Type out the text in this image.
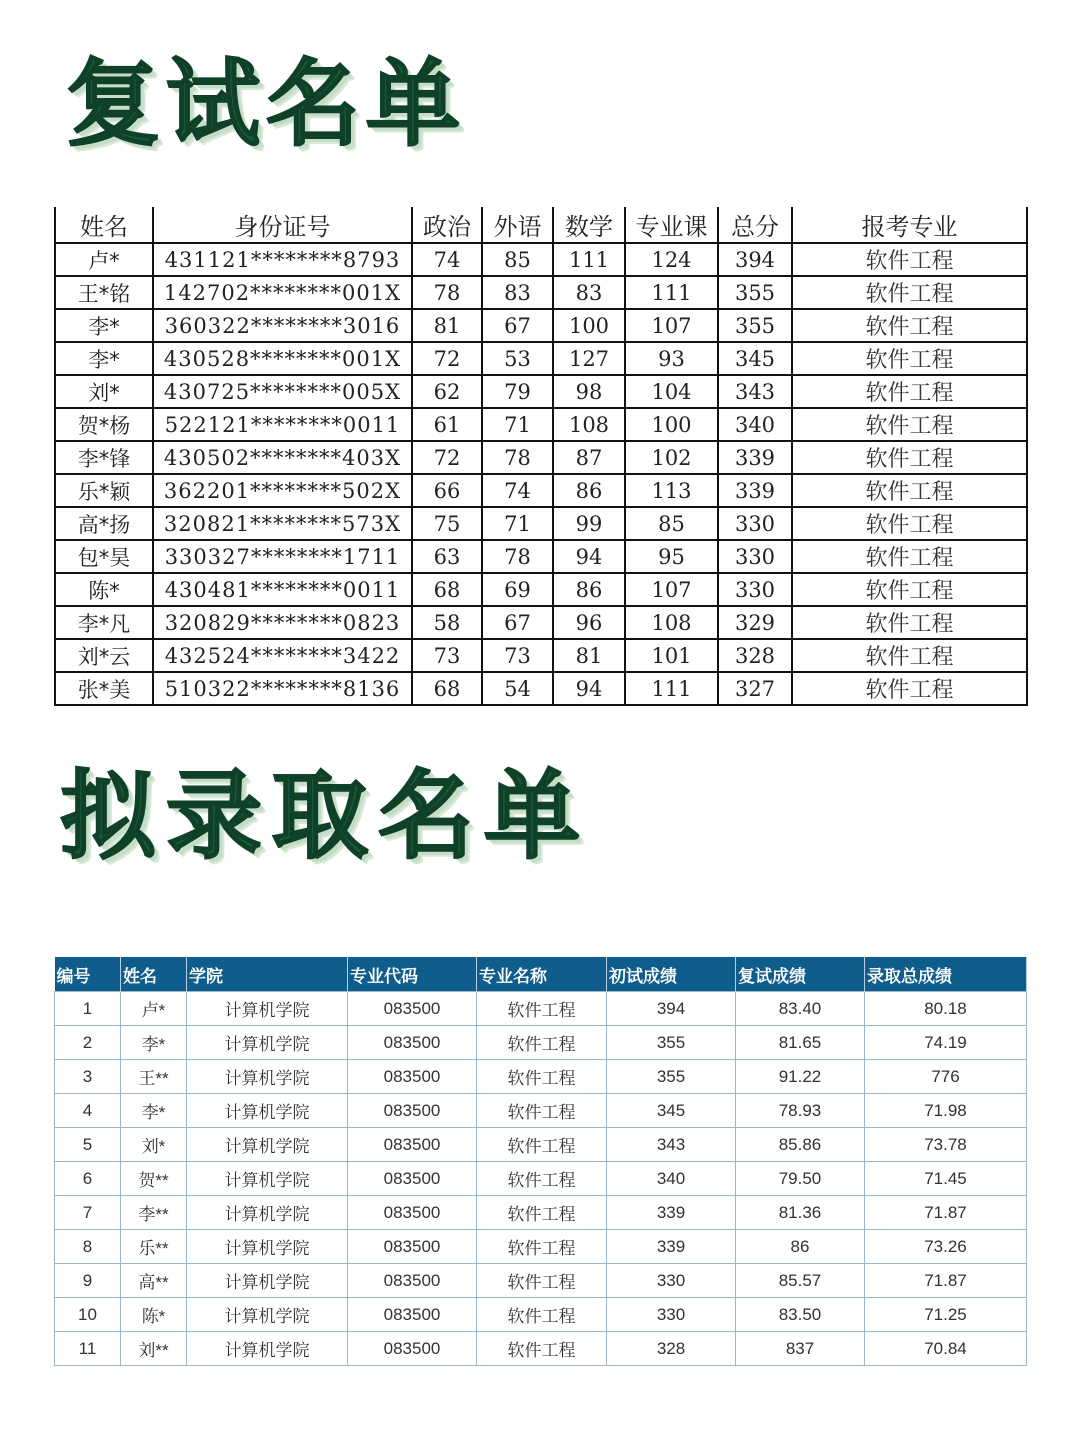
复试名单
姓名	身份证号	政治	外语	数学	专业课	总分	报考专业
卢*	431121********8793	74	85	111	124	394	软件工程
王*铭	142702********001X	78	83	83	111	355	软件工程
李*	360322********3016	81	67	100	107	355	软件工程
李*	430528********001X	72	53	127	93	345	软件工程
刘*	430725********005X	62	79	98	104	343	软件工程
贺*杨	522121********0011	61	71	108	100	340	软件工程
李*锋	430502********403X	72	78	87	102	339	软件工程
乐*颖	362201********502X	66	74	86	113	339	软件工程
高*扬	320821********573X	75	71	99	85	330	软件工程
包*昊	330327********1711	63	78	94	95	330	软件工程
陈*	430481********0011	68	69	86	107	330	软件工程
李*凡	320829********0823	58	67	96	108	329	软件工程
刘*云	432524********3422	73	73	81	101	328	软件工程
张*美	510322********8136	68	54	94	111	327	软件工程
拟录取名单
编号	姓名	学院	专业代码	专业名称	初试成绩	复试成绩	录取总成绩
1	卢*	计算机学院	083500	软件工程	394	83.40	80.18
2	李*	计算机学院	083500	软件工程	355	81.65	74.19
3	王**	计算机学院	083500	软件工程	355	91.22	776
4	李*	计算机学院	083500	软件工程	345	78.93	71.98
5	刘*	计算机学院	083500	软件工程	343	85.86	73.78
6	贺**	计算机学院	083500	软件工程	340	79.50	71.45
7	李**	计算机学院	083500	软件工程	339	81.36	71.87
8	乐**	计算机学院	083500	软件工程	339	86	73.26
9	高**	计算机学院	083500	软件工程	330	85.57	71.87
10	陈*	计算机学院	083500	软件工程	330	83.50	71.25
11	刘**	计算机学院	083500	软件工程	328	837	70.84
